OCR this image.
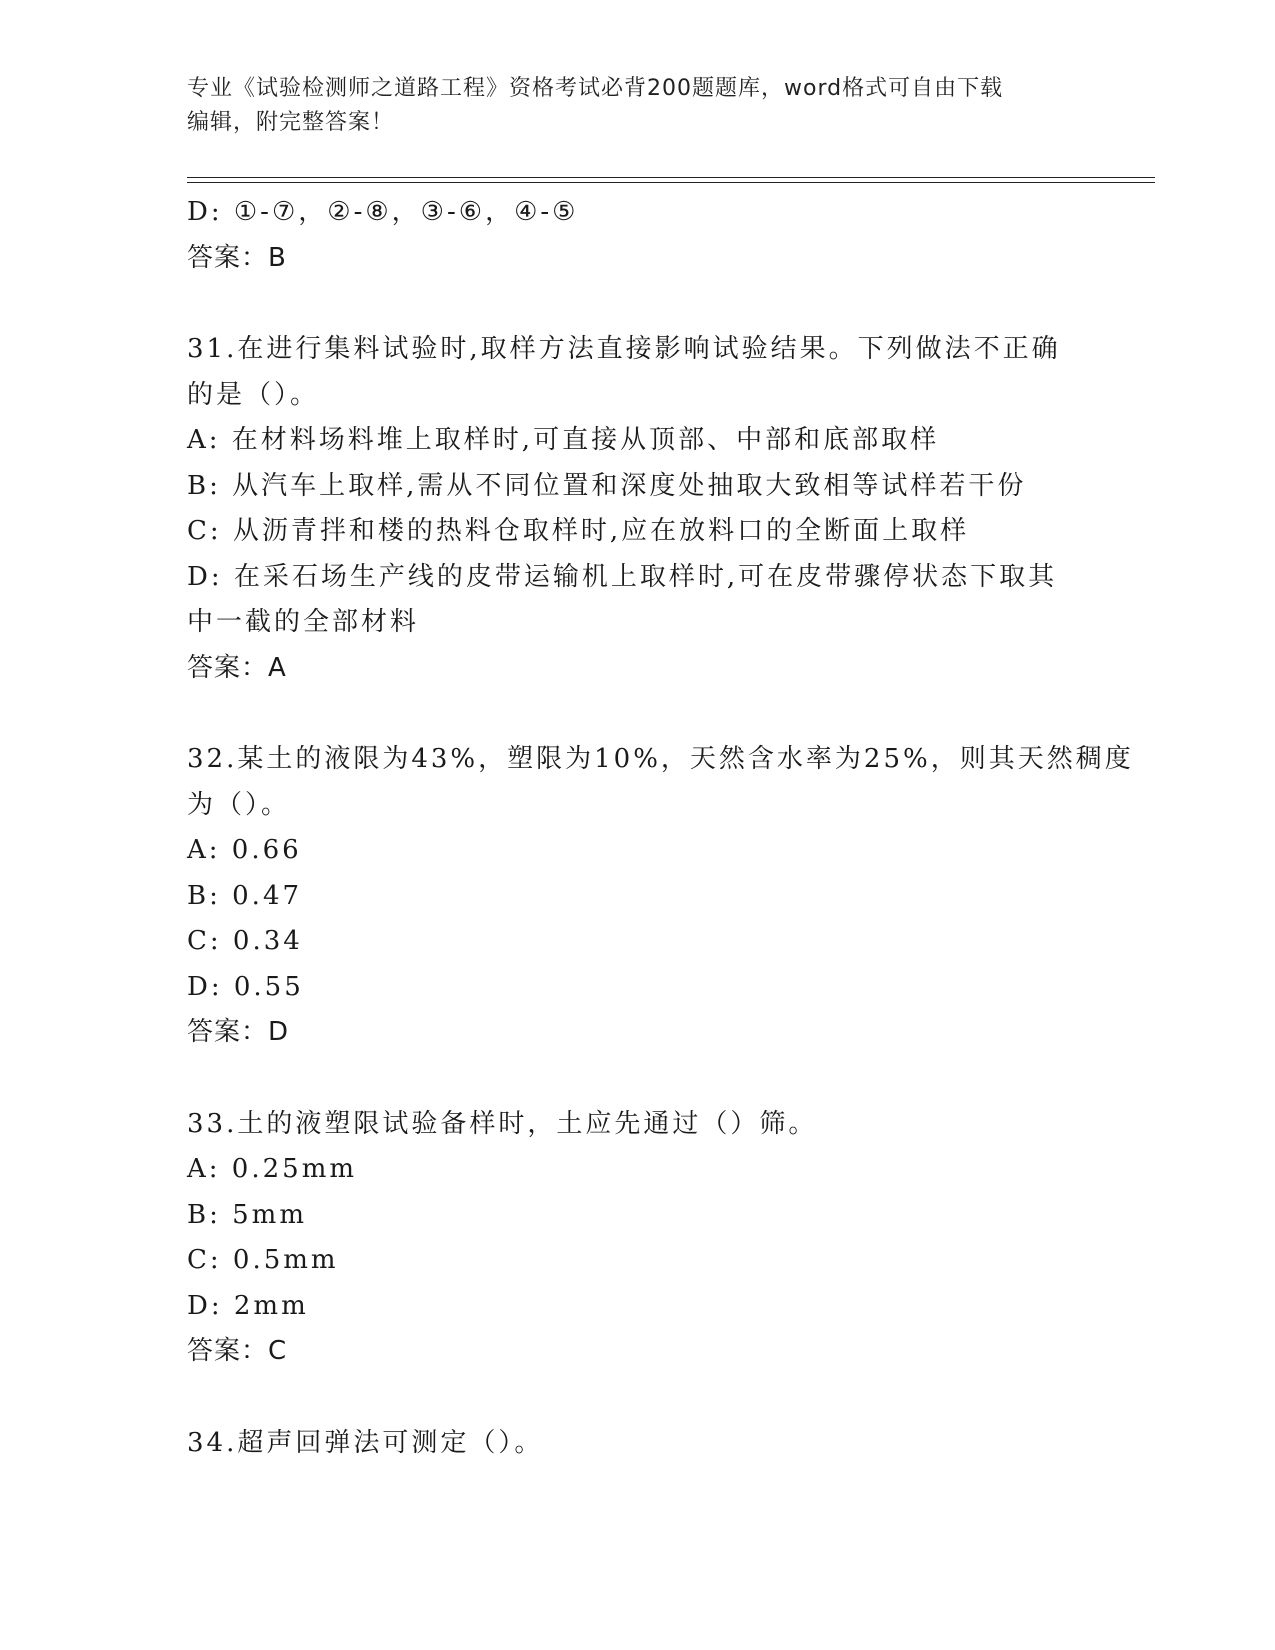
专业《试验检测师之道路工程》资格考试必背200题题库，word格式可自由下载
编辑，附完整答案！
D: ①-⑦，②-⑧，③-⑥，④-⑤
答案：B
31.在进行集料试验时,取样方法直接影响试验结果。下列做法不正确
的是（）。
A: 在材料场料堆上取样时,可直接从顶部、中部和底部取样
B: 从汽车上取样,需从不同位置和深度处抽取大致相等试样若干份
C: 从沥青拌和楼的热料仓取样时,应在放料口的全断面上取样
D: 在采石场生产线的皮带运输机上取样时,可在皮带骤停状态下取其
中一截的全部材料
答案：A
32.某土的液限为43%，塑限为10%，天然含水率为25%，则其天然稠度
为（）。
A: 0.66
B: 0.47
C: 0.34
D: 0.55
答案：D
33.土的液塑限试验备样时，土应先通过（）筛。
A: 0.25mm
B: 5mm
C: 0.5mm
D: 2mm
答案：C
34.超声回弹法可测定（）。
